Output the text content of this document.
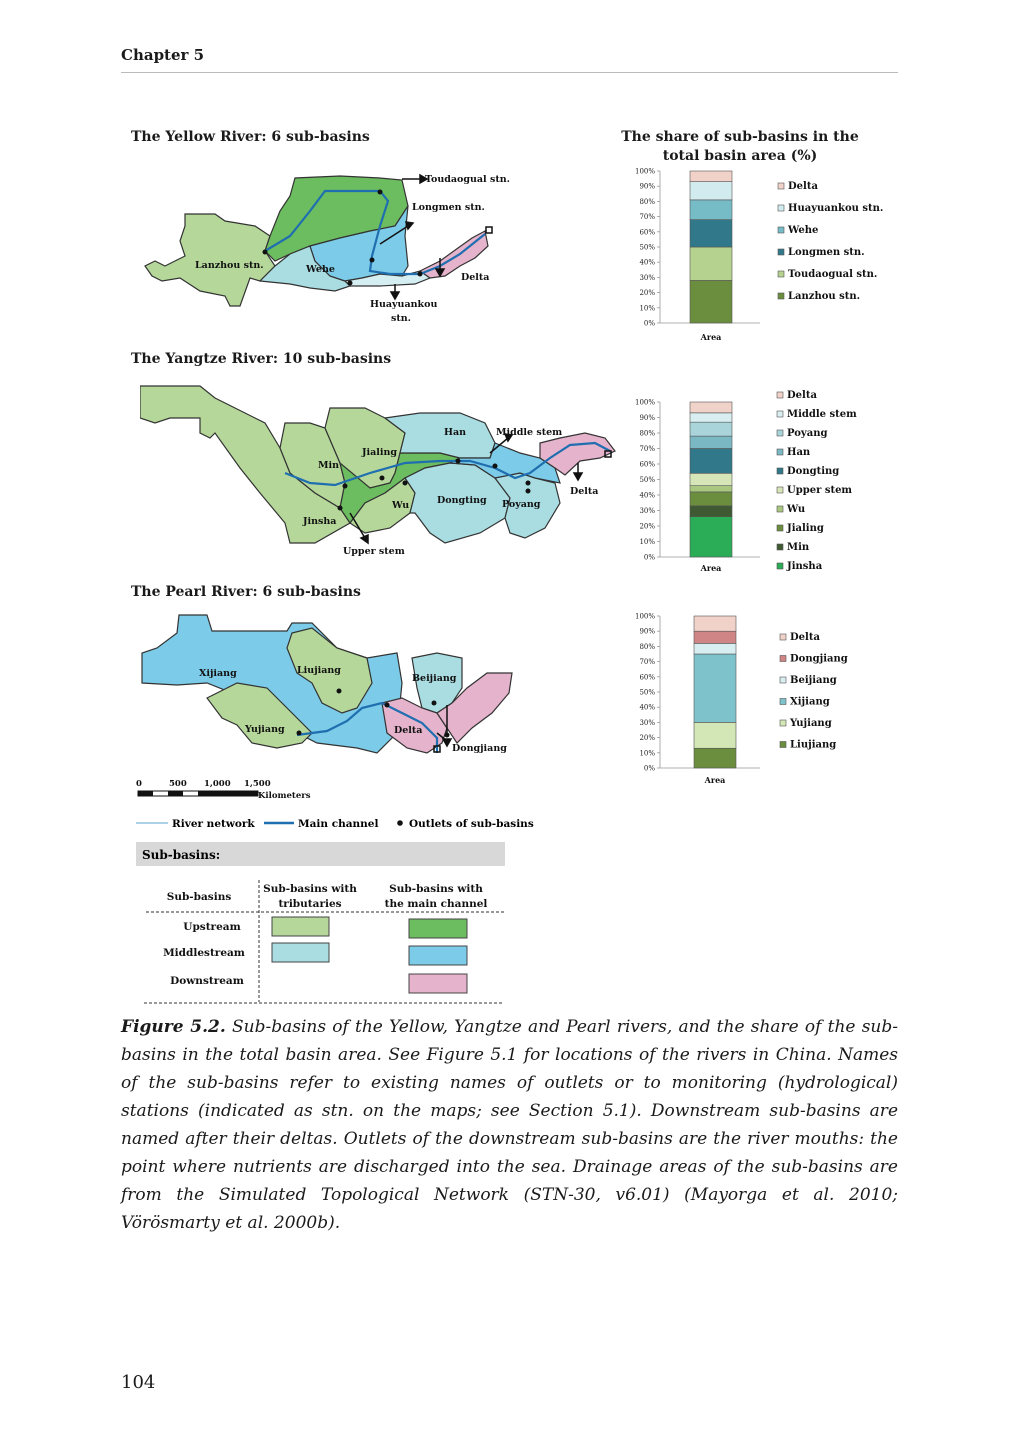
Chapter 5
The Yellow River: 6 sub-basins
Toudaogual stn.
Longmen stn.
Lanzhou stn.	Wehe
Delta
Huayuankou
stn.
The Yangtze River: 10 sub-basins
Han	Middle stem
Min
Jialing
Delta
Dongting
Wu	Poyang
Jinsha
Upper stem
The Pearl River: 6 sub-basins
Xijiang	Liujiang
Beijiang
Yujiang	Delta
Dongjiang
0	500 1,000 1,500
Kilometers
River network	Main channel	Outlets of sub-basins
Sub-basins:
Sub-basins
Sub-basins with
tributaries
Sub-basins with
the main channel
Upstream
Middlestream
Downstream
The share of sub-basins in the total basin area (%)
0%
10%
20%
30%
40%
50%
60%
70%
80%
90%
100%
Area
Delta
Huayuankou stn.
Wehe
Longmen stn.
Toudaogual stn.
Lanzhou stn.
0%
10%
20%
30%
40%
50%
60%
70%
80%
90%
100%
Area
Delta
Middle stem
Poyang
Han
Dongting
Upper stem
Wu
Jialing
Min
Jinsha
0%
10%
20%
30%
40%
50%
60%
70%
80%
90%
100%
Area
Delta
Dongjiang
Beijiang
Xijiang
Yujiang
Liujiang
Figure 5.2. Sub-basins of the Yellow, Yangtze and Pearl rivers, and the share of the sub-basins in the total basin area. See Figure 5.1 for locations of the rivers in China. Names of the sub-basins refer to existing names of outlets or to monitoring (hydrological) stations (indicated as stn. on the maps; see Section 5.1). Downstream sub-basins are named after their deltas. Outlets of the downstream sub-basins are the river mouths: the point where nutrients are discharged into the sea. Drainage areas of the sub-basins are from the Simulated Topological Network (STN-30, v6.01) (Mayorga et al. 2010; Vörösmarty et al. 2000b).
104
